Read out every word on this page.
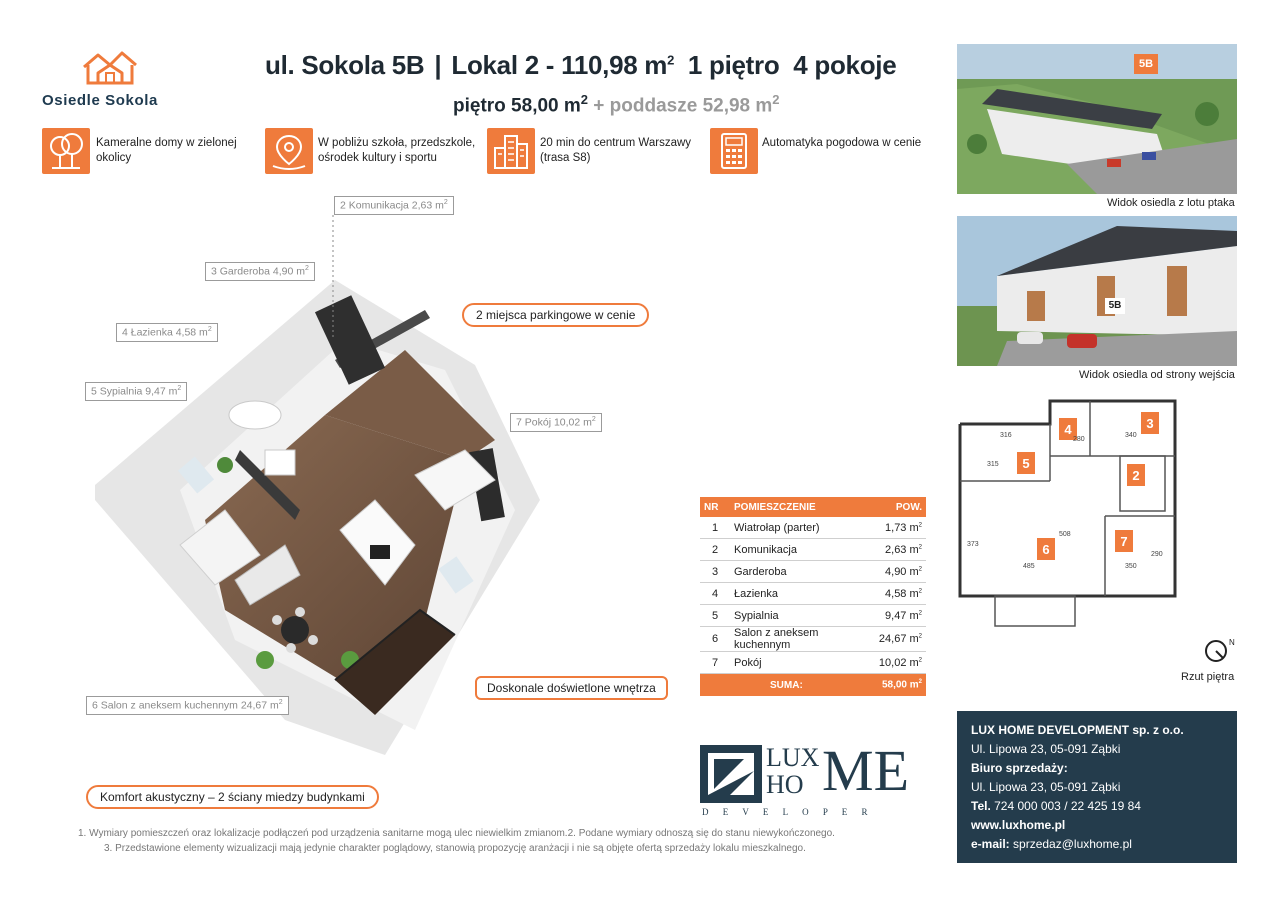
Osiedle Sokola
ul. Sokola 5B | Lokal 2 - 110,98 $m^2$ 1 piętro 4 pokoje
piętro 58,00 $m^2$ + poddasze 52,98 $m^2$
Kameralne domy w zielonej okolicy
W pobliżu szkoła, przedszkole, ośrodek kultury i sportu
20 min do centrum Warszawy (trasa S8)
Automatyka pogodowa w cenie
2 Komunikacja 2,63 $m^2$
3 Garderoba 4,90 $m^2$
4 Łazienka 4,58 $m^2$
5 Sypialnia 9,47 $m^2$
7 Pokój 10,02 $m^2$
6 Salon z aneksem kuchennym 24,67 $m^2$
2 miejsca parkingowe w cenie
Doskonale doświetlone wnętrza
Komfort akustyczny – 2 ściany miedzy budynkami
5B
Widok osiedla z lotu ptaka
5B
Widok osiedla od strony wejścia
4	3
5
2
6
7
316	340
280
315
508
373
485	350
290
N
Rzut piętra
NR	POMIESZCZENIE	POW.
1	Wiatrołap (parter)	1,73 $m^2$
2	Komunikacja	2,63 $m^2$
3	Garderoba	4,90 $m^2$
4	Łazienka	4,58 $m^2$
5	Sypialnia	9,47 $m^2$
6	Salon z aneksem kuchennym	24,67 $m^2$
7	Pokój	10,02 $m^2$
	SUMA:	58,00 $m^2$
LUX
HO ME
D E V E L O P E R
LUX HOME DEVELOPMENT sp. z o.o.
Ul. Lipowa 23, 05-091 Ząbki
Biuro sprzedaży:
Ul. Lipowa 23, 05-091 Ząbki
Tel. 724 000 003 / 22 425 19 84
www.luxhome.pl
e-mail: sprzedaz@luxhome.pl
1. Wymiary pomieszczeń oraz lokalizacje podłączeń pod urządzenia sanitarne mogą ulec niewielkim zmianom.2. Podane wymiary odnoszą się do stanu niewykończonego.
3. Przedstawione elementy wizualizacji mają jedynie charakter poglądowy, stanowią propozycję aranżacji i nie są objęte ofertą sprzedaży lokalu mieszkalnego.
